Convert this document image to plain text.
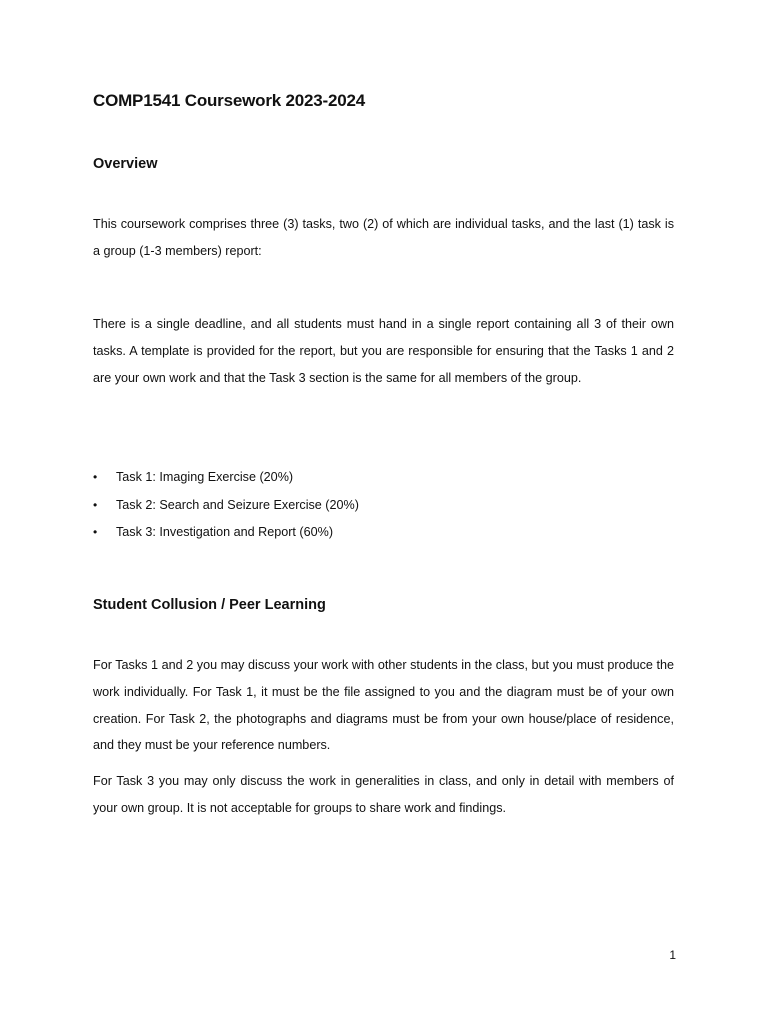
COMP1541 Coursework 2023-2024
Overview

This coursework comprises three (3) tasks, two (2) of which are individual tasks, and the last (1) task is a group (1-3 members) report:

There is a single deadline, and all students must hand in a single report containing all 3 of their own tasks. A template is provided for the report, but you are responsible for ensuring that the Tasks 1 and 2 are your own work and that the Task 3 section is the same for all members of the group.

• Task 1: Imaging Exercise (20%)
• Task 2: Search and Seizure Exercise (20%)
• Task 3: Investigation and Report (60%)
Student Collusion / Peer Learning

For Tasks 1 and 2 you may discuss your work with other students in the class, but you must produce the work individually. For Task 1, it must be the file assigned to you and the diagram must be of your own creation. For Task 2, the photographs and diagrams must be from your own house/place of residence, and they must be your reference numbers.

For Task 3 you may only discuss the work in generalities in class, and only in detail with members of your own group. It is not acceptable for groups to share work and findings.

1
